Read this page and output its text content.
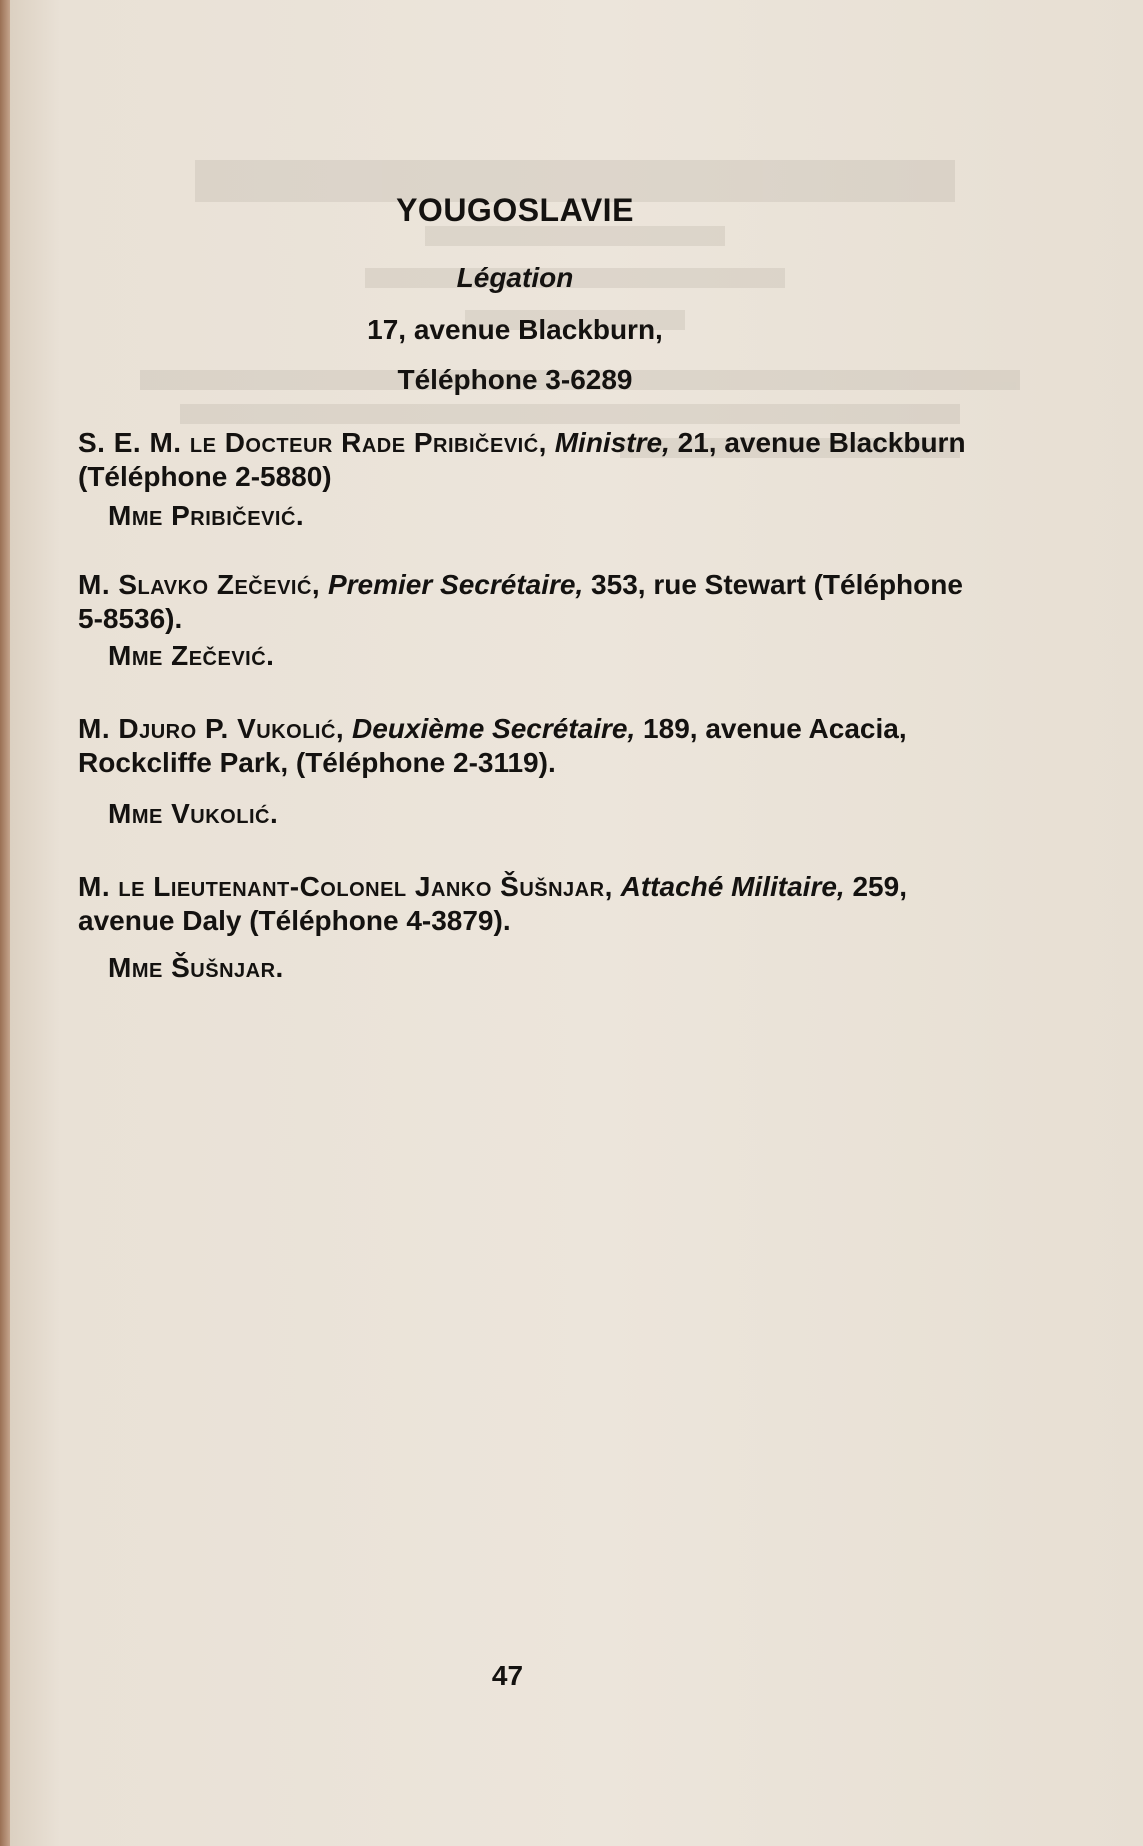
YOUGOSLAVIE
Légation
17, avenue Blackburn,
Téléphone 3-6289
S. E. M. le Docteur Rade Pribičević, Ministre, 21, avenue Blackburn (Téléphone 2-5880)
Mme Pribičević.
M. Slavko Zečević, Premier Secrétaire, 353, rue Stewart (Téléphone 5-8536).
Mme Zečević.
M. Djuro P. Vukolić, Deuxième Secrétaire, 189, avenue Acacia, Rockcliffe Park, (Téléphone 2-3119).
Mme Vukolić.
M. le Lieutenant-Colonel Janko Šušnjar, Attaché Militaire, 259, avenue Daly (Téléphone 4-3879).
Mme Šušnjar.
47
